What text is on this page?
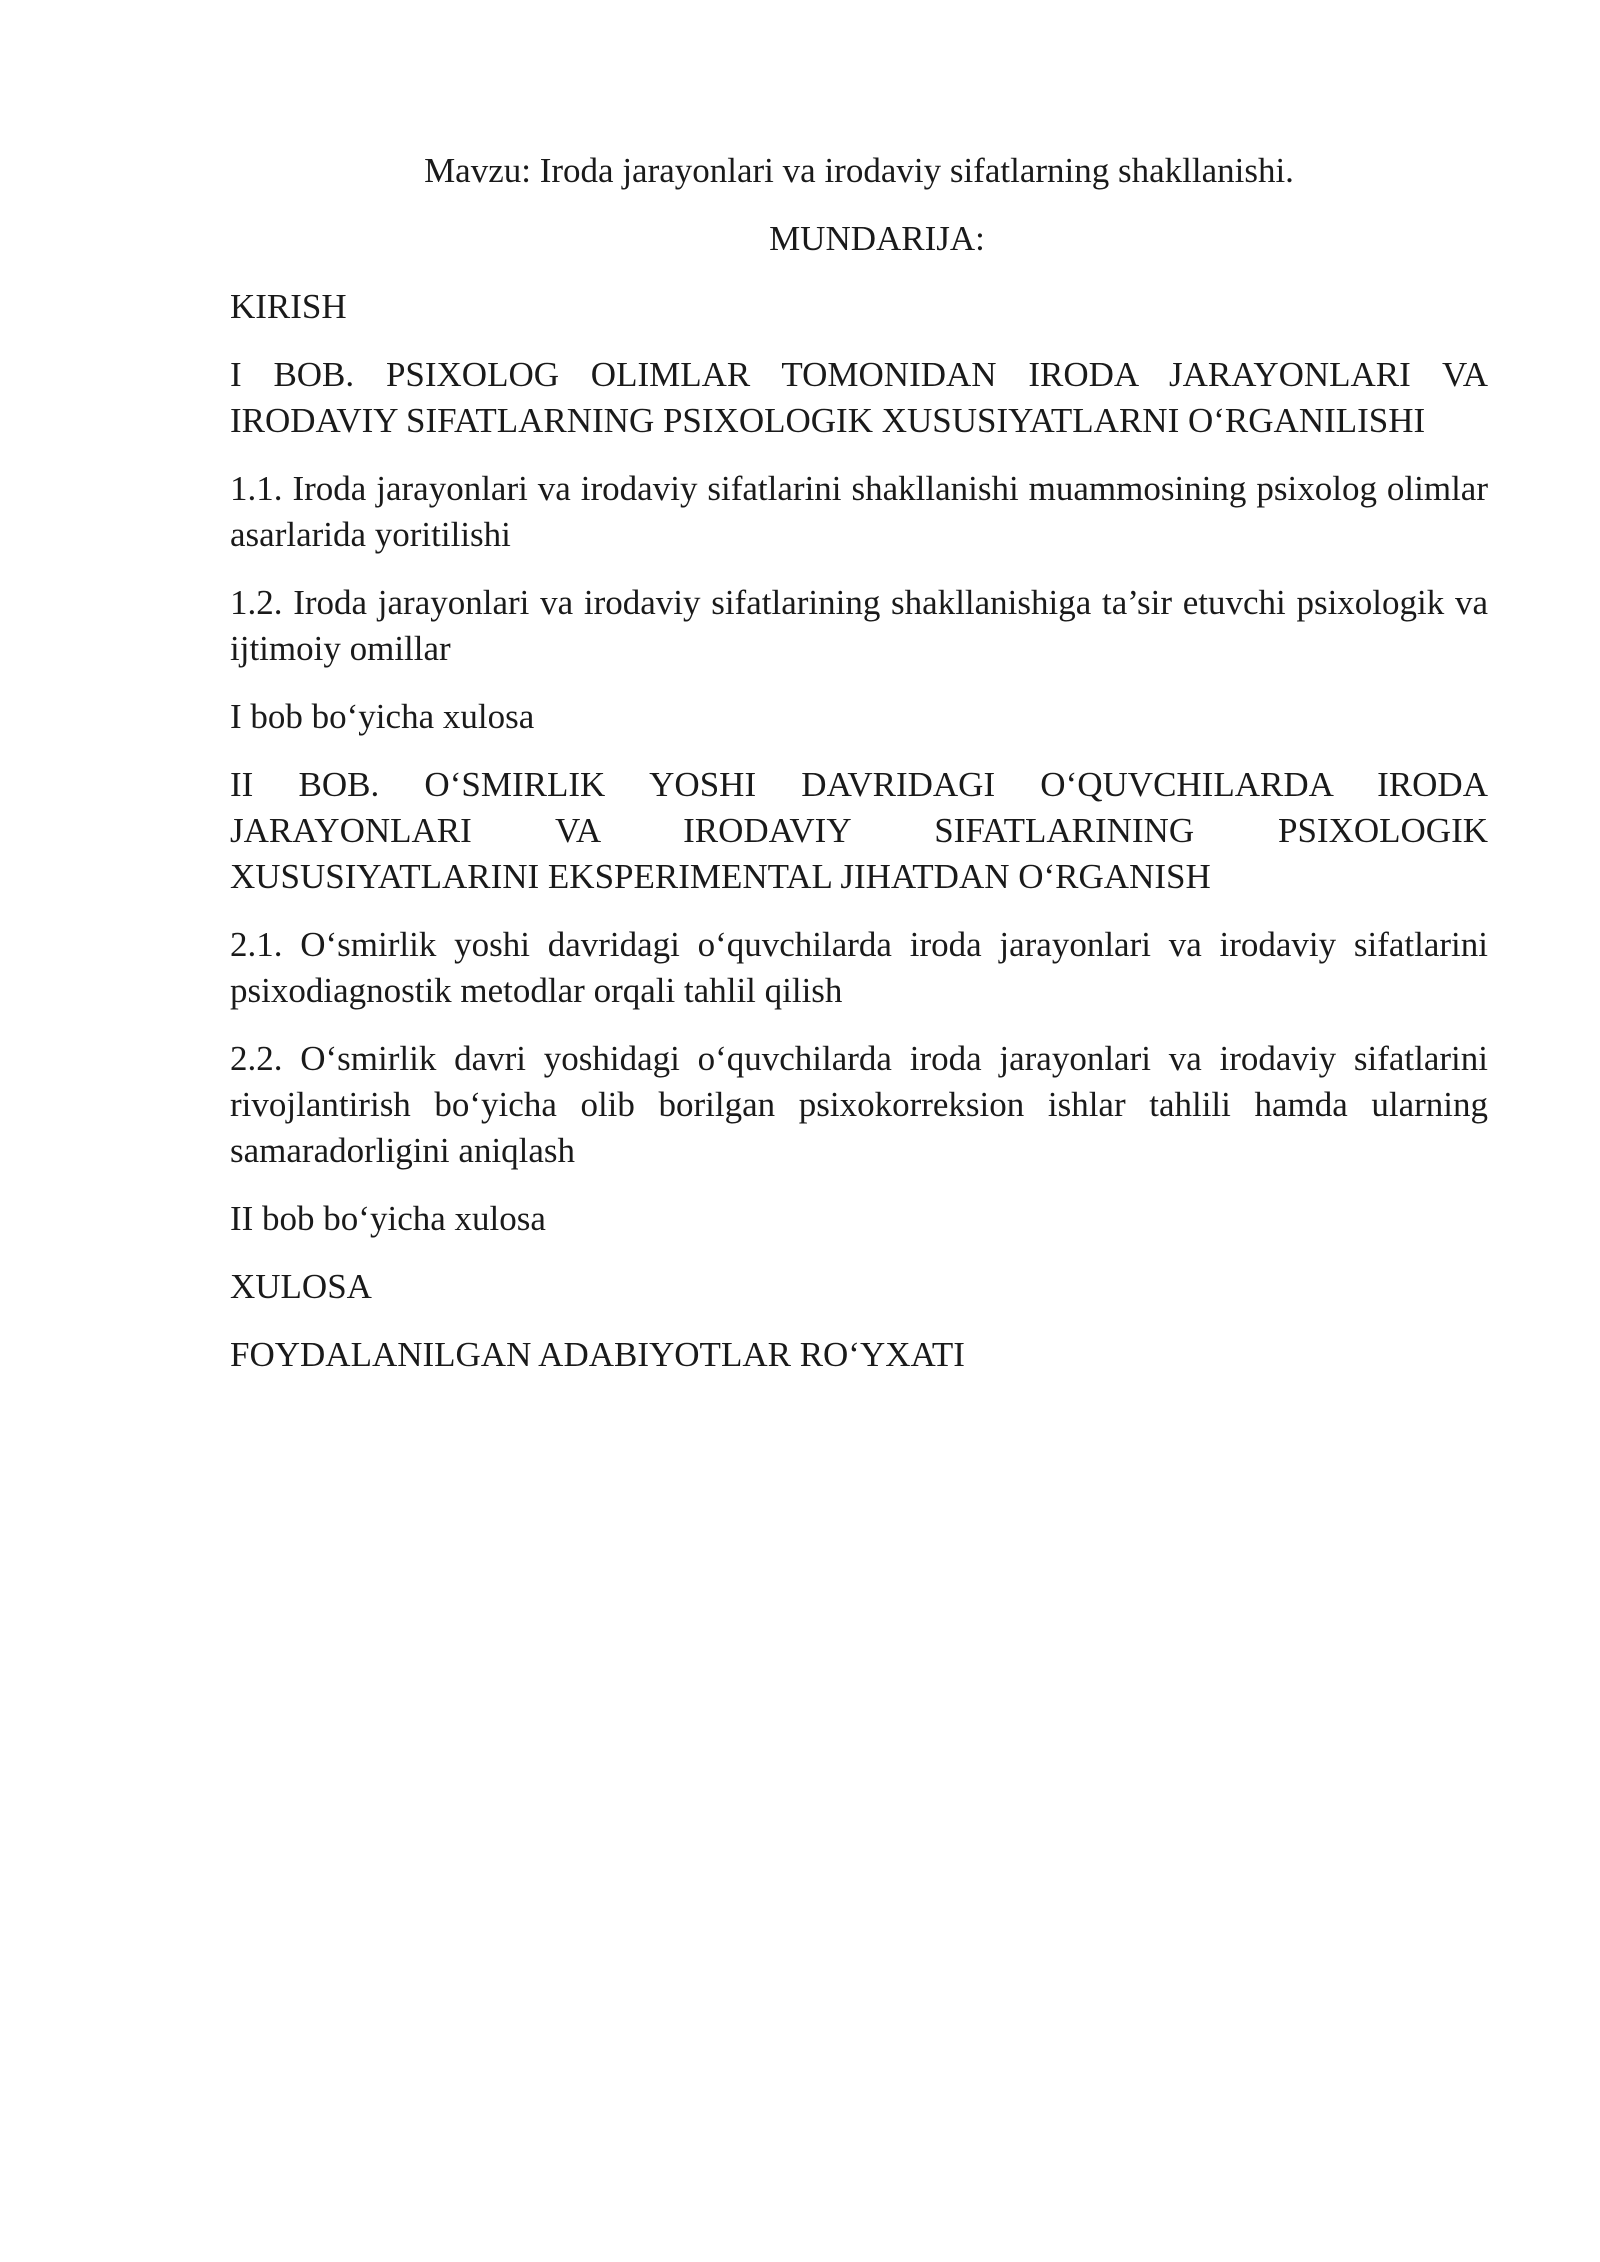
Mavzu: Iroda jarayonlari va irodaviy sifatlarning shakllanishi.
MUNDARIJA:
KIRISH
I BOB. PSIXOLOG OLIMLAR TOMONIDAN IRODA JARAYONLARI VA IRODAVIY SIFATLARNING PSIXOLOGIK XUSUSIYATLARNI O‘RGANILISHI
1.1. Iroda jarayonlari va irodaviy sifatlarini shakllanishi muammosining psixolog olimlar asarlarida yoritilishi
1.2. Iroda jarayonlari va irodaviy sifatlarining shakllanishiga ta’sir etuvchi psixologik va ijtimoiy omillar
I bob bo‘yicha xulosa
II BOB. O‘SMIRLIK YOSHI DAVRIDAGI O‘QUVCHILARDA IRODA JARAYONLARI VA IRODAVIY SIFATLARINING PSIXOLOGIK XUSUSIYATLARINI EKSPERIMENTAL JIHATDAN O‘RGANISH
2.1. O‘smirlik yoshi davridagi o‘quvchilarda iroda jarayonlari va irodaviy sifatlarini psixodiagnostik metodlar orqali tahlil qilish
2.2. O‘smirlik davri yoshidagi o‘quvchilarda iroda jarayonlari va irodaviy sifatlarini rivojlantirish bo‘yicha olib borilgan psixokorreksion ishlar tahlili hamda ularning samaradorligini aniqlash
II bob bo‘yicha xulosa
XULOSA
FOYDALANILGAN ADABIYOTLAR RO‘YXATI
